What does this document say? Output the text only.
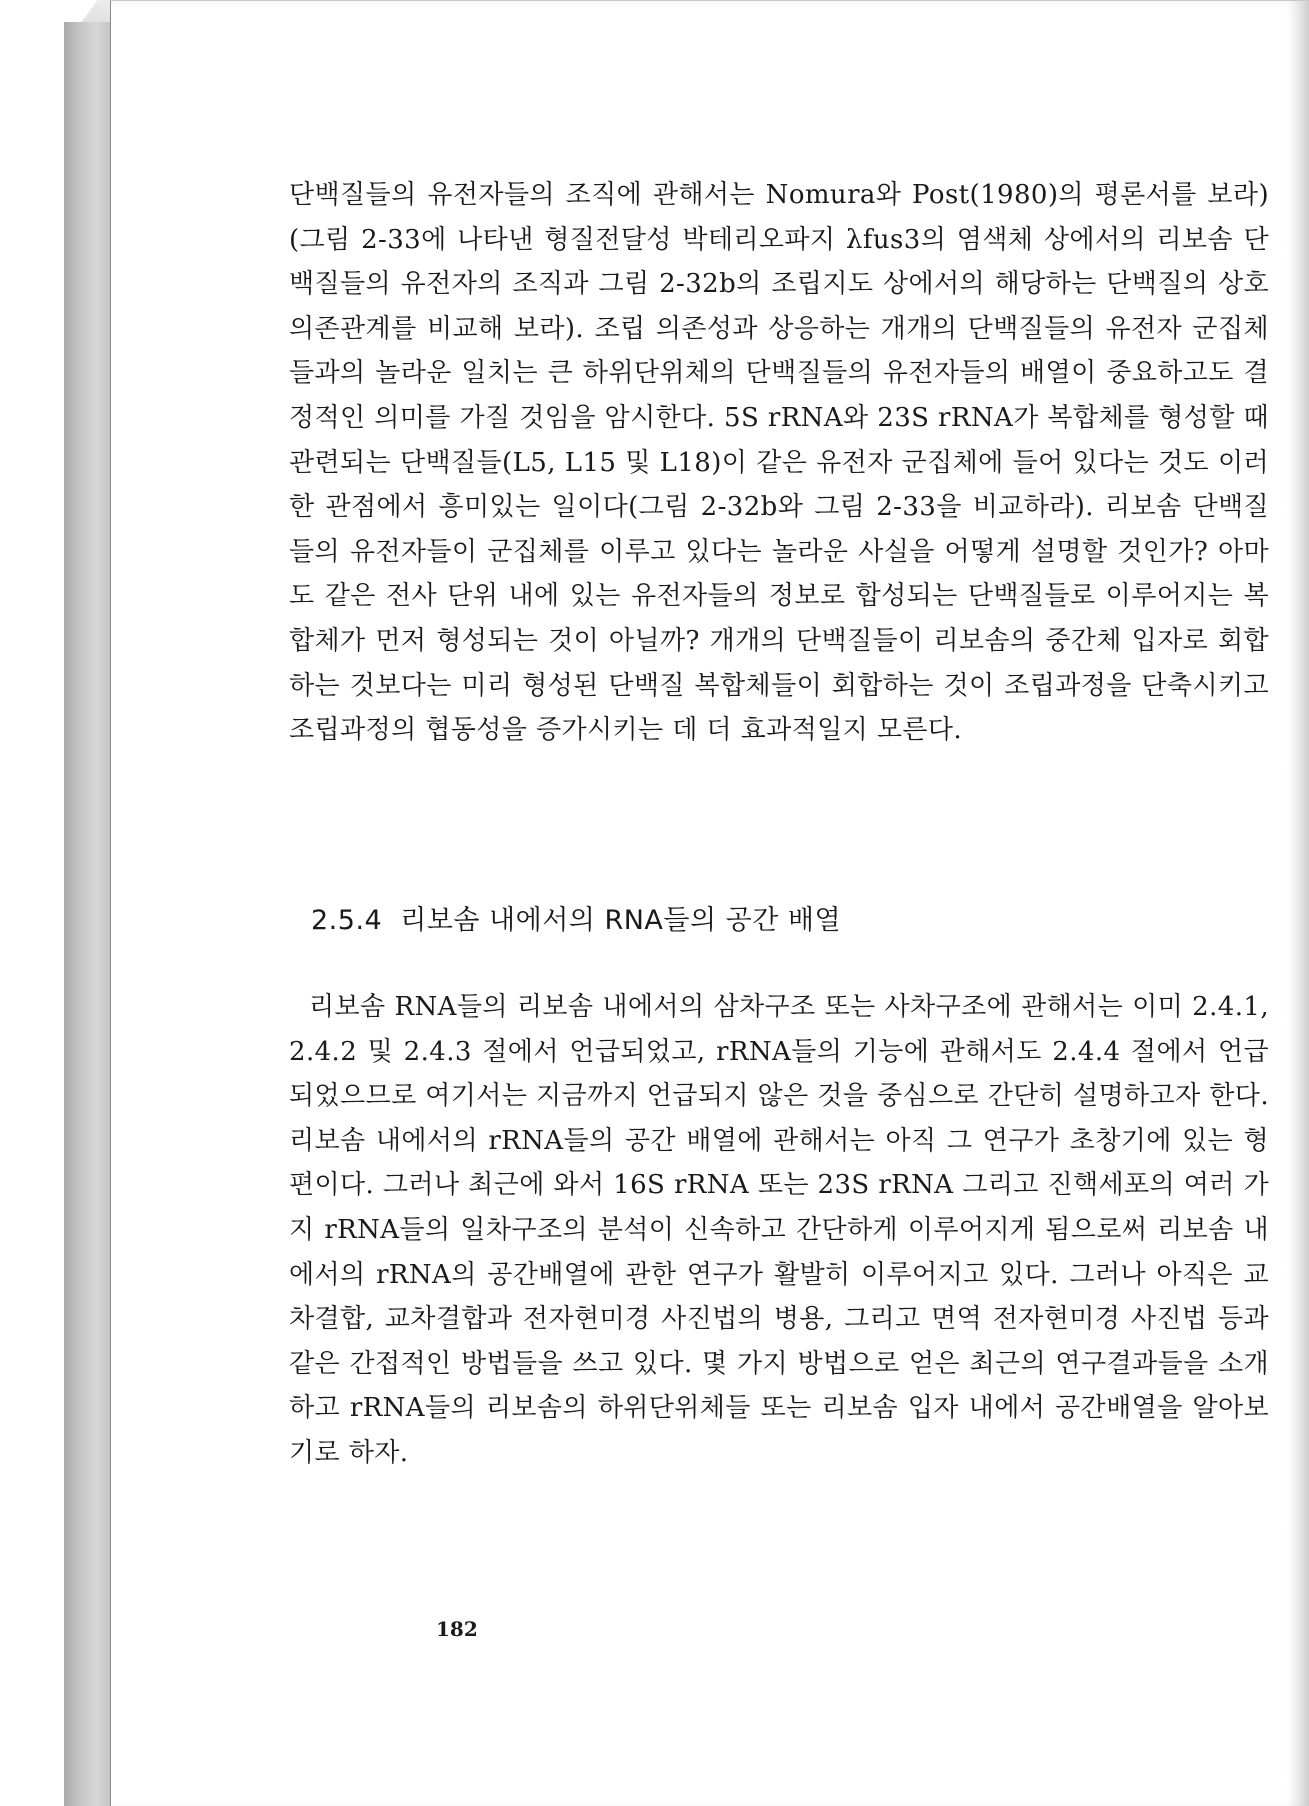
단백질들의 유전자들의 조직에 관해서는 Nomura와 Post(1980)의 평론서를 보라)(그림 2-33에 나타낸 형질전달성 박테리오파지 λfus3의 염색체 상에서의 리보솜 단백질들의 유전자의 조직과 그림 2-32b의 조립지도 상에서의 해당하는 단백질의 상호의존관계를 비교해 보라). 조립 의존성과 상응하는 개개의 단백질들의 유전자 군집체들과의 놀라운 일치는 큰 하위단위체의 단백질들의 유전자들의 배열이 중요하고도 결정적인 의미를 가질 것임을 암시한다. 5S rRNA와 23S rRNA가 복합체를 형성할 때 관련되는 단백질들(L5, L15 및 L18)이 같은 유전자 군집체에 들어 있다는 것도 이러한 관점에서 흥미있는 일이다(그림 2-32b와 그림 2-33을 비교하라). 리보솜 단백질들의 유전자들이 군집체를 이루고 있다는 놀라운 사실을 어떻게 설명할 것인가? 아마도 같은 전사 단위 내에 있는 유전자들의 정보로 합성되는 단백질들로 이루어지는 복합체가 먼저 형성되는 것이 아닐까? 개개의 단백질들이 리보솜의 중간체 입자로 회합하는 것보다는 미리 형성된 단백질 복합체들이 회합하는 것이 조립과정을 단축시키고 조립과정의 협동성을 증가시키는 데 더 효과적일지 모른다.

2.5.4 리보솜 내에서의 RNA들의 공간 배열

리보솜 RNA들의 리보솜 내에서의 삼차구조 또는 사차구조에 관해서는 이미 2.4.1, 2.4.2 및 2.4.3 절에서 언급되었고, rRNA들의 기능에 관해서도 2.4.4 절에서 언급되었으므로 여기서는 지금까지 언급되지 않은 것을 중심으로 간단히 설명하고자 한다. 리보솜 내에서의 rRNA들의 공간 배열에 관해서는 아직 그 연구가 초창기에 있는 형편이다. 그러나 최근에 와서 16S rRNA 또는 23S rRNA 그리고 진핵세포의 여러 가지 rRNA들의 일차구조의 분석이 신속하고 간단하게 이루어지게 됨으로써 리보솜 내에서의 rRNA의 공간배열에 관한 연구가 활발히 이루어지고 있다. 그러나 아직은 교차결합, 교차결합과 전자현미경 사진법의 병용, 그리고 면역 전자현미경 사진법 등과 같은 간접적인 방법들을 쓰고 있다. 몇 가지 방법으로 얻은 최근의 연구결과들을 소개하고 rRNA들의 리보솜의 하위단위체들 또는 리보솜 입자 내에서 공간배열을 알아보기로 하자.

182
